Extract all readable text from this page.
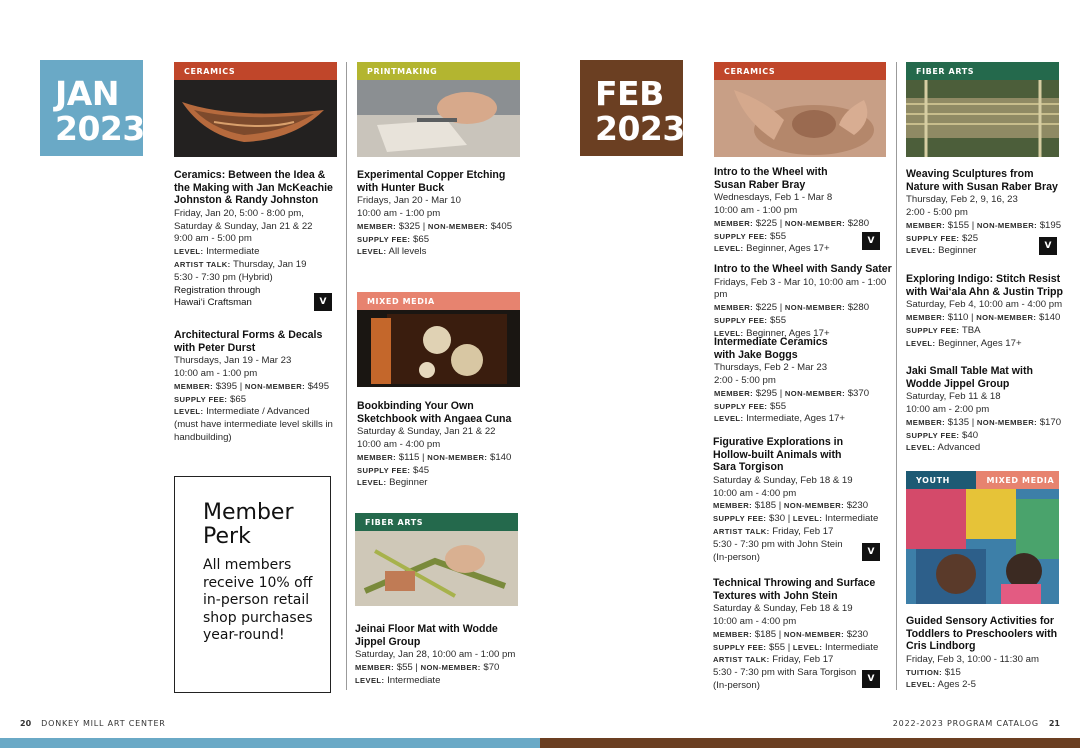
JAN
2023
FEB
2023
CERAMICS
Ceramics: Between the Idea & the Making with Jan McKeachie Johnston & Randy Johnston
Friday, Jan 20, 5:00 - 8:00 pm,
Saturday & Sunday, Jan 21 & 22
9:00 am - 5:00 pm
LEVEL: Intermediate
ARTIST TALK: Thursday, Jan 19
5:30 - 7:30 pm (Hybrid)
Registration through
Hawai‘i Craftsman	V
Architectural Forms & Decals with Peter Durst
Thursdays, Jan 19 - Mar 23
10:00 am - 1:00 pm
MEMBER: $395 | NON-MEMBER: $495
SUPPLY FEE: $65
LEVEL: Intermediate / Advanced
(must have intermediate level skills in handbuilding)
Member Perk
All members receive 10% off in-person retail shop purchases year-round!
PRINTMAKING
Experimental Copper Etching with Hunter Buck
Fridays, Jan 20 - Mar 10
10:00 am - 1:00 pm
MEMBER: $325 | NON-MEMBER: $405
SUPPLY FEE: $65
LEVEL: All levels
MIXED MEDIA
Bookbinding Your Own Sketchbook with Angaea Cuna
Saturday & Sunday, Jan 21 & 22
10:00 am - 4:00 pm
MEMBER: $115 | NON-MEMBER: $140
SUPPLY FEE: $45
LEVEL: Beginner
FIBER ARTS
Jeinai Floor Mat with Wodde Jippel Group
Saturday, Jan 28, 10:00 am - 1:00 pm
MEMBER: $55 | NON-MEMBER: $70
LEVEL: Intermediate
CERAMICS
Intro to the Wheel with Susan Raber Bray
Wednesdays, Feb 1 - Mar 8
10:00 am - 1:00 pm
MEMBER: $225 | NON-MEMBER: $280
SUPPLY FEE: $55
LEVEL: Beginner, Ages 17+
V
Intro to the Wheel with Sandy Sater
Fridays, Feb 3 - Mar 10, 10:00 am - 1:00 pm
MEMBER: $225 | NON-MEMBER: $280
SUPPLY FEE: $55
LEVEL: Beginner, Ages 17+
Intermediate Ceramics with Jake Boggs
Thursdays, Feb 2 - Mar 23
2:00 - 5:00 pm
MEMBER: $295 | NON-MEMBER: $370
SUPPLY FEE: $55
LEVEL: Intermediate, Ages 17+
Figurative Explorations in Hollow-built Animals with Sara Torgison
Saturday & Sunday, Feb 18 & 19
10:00 am - 4:00 pm
MEMBER: $185 | NON-MEMBER: $230
SUPPLY FEE: $30 | LEVEL: Intermediate
ARTIST TALK: Friday, Feb 17
5:30 - 7:30 pm with John Stein
(In-person)	V
Technical Throwing and Surface Textures with John Stein
Saturday & Sunday, Feb 18 & 19
10:00 am - 4:00 pm
MEMBER: $185 | NON-MEMBER: $230
SUPPLY FEE: $55 | LEVEL: Intermediate
ARTIST TALK: Friday, Feb 17
5:30 - 7:30 pm with Sara Torgison
(In-person)
V
FIBER ARTS
Weaving Sculptures from Nature with Susan Raber Bray
Thursday, Feb 2, 9, 16, 23
2:00 - 5:00 pm
MEMBER: $155 | NON-MEMBER: $195
SUPPLY FEE: $25
LEVEL: Beginner	V
Exploring Indigo: Stitch Resist with Wai‘ala Ahn & Justin Tripp
Saturday, Feb 4, 10:00 am - 4:00 pm
MEMBER: $110 | NON-MEMBER: $140
SUPPLY FEE: TBA
LEVEL: Beginner, Ages 17+
Jaki Small Table Mat with Wodde Jippel Group
Saturday, Feb 11 & 18
10:00 am - 2:00 pm
MEMBER: $135 | NON-MEMBER: $170
SUPPLY FEE: $40
LEVEL: Advanced
YOUTH	MIXED MEDIA
Guided Sensory Activities for Toddlers to Preschoolers with Cris Lindborg
Friday, Feb 3, 10:00 - 11:30 am
TUITION: $15
LEVEL: Ages 2-5
20 DONKEY MILL ART CENTER	2022-2023 PROGRAM CATALOG 21
